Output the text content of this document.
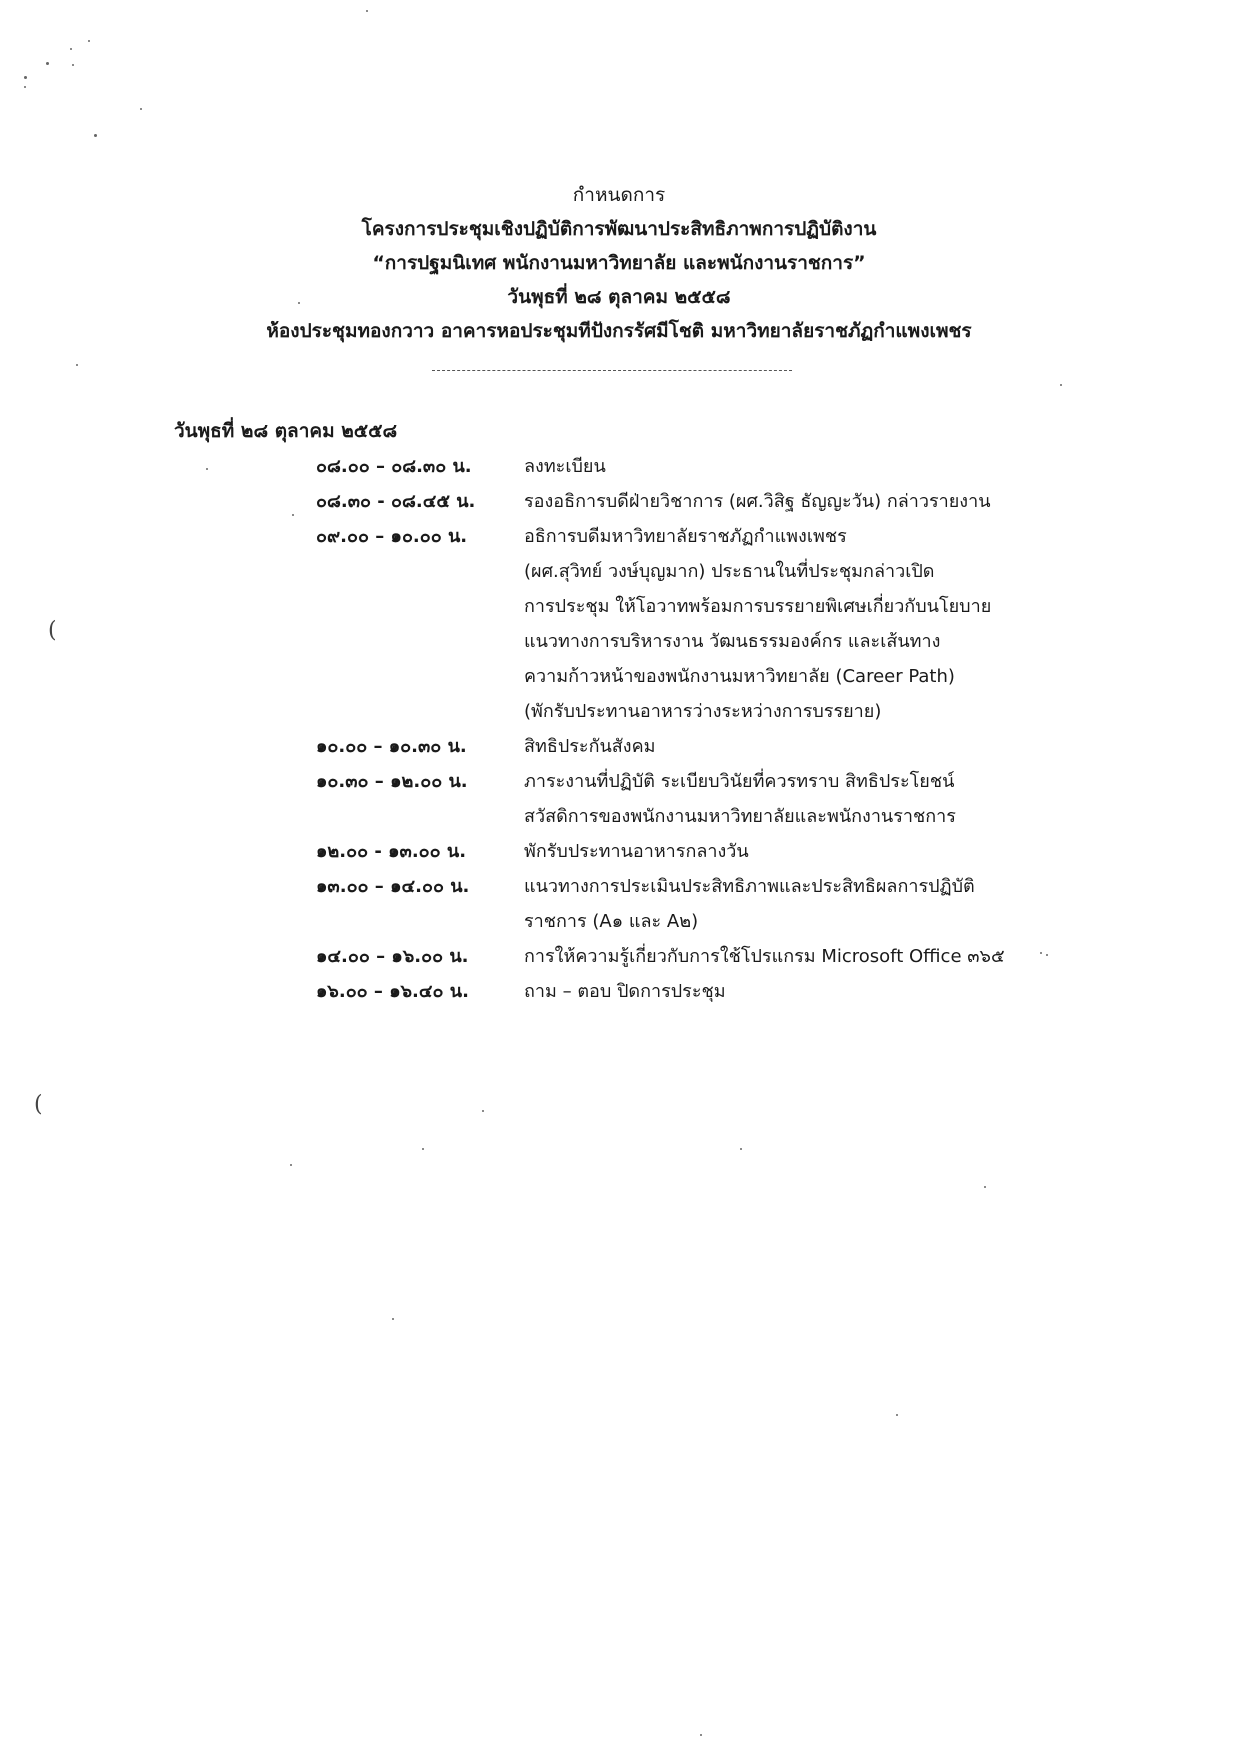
กำหนดการ
โครงการประชุมเชิงปฏิบัติการพัฒนาประสิทธิภาพการปฏิบัติงาน
“การปฐมนิเทศ พนักงานมหาวิทยาลัย และพนักงานราชการ”
วันพุธที่ ๒๘ ตุลาคม ๒๕๕๘
ห้องประชุมทองกวาว อาคารหอประชุมทีปังกรรัศมีโชติ มหาวิทยาลัยราชภัฏกำแพงเพชร
วันพุธที่ ๒๘ ตุลาคม ๒๕๕๘
๐๘.๐๐ – ๐๘.๓๐ น.	ลงทะเบียน
๐๘.๓๐ - ๐๘.๔๕ น.	รองอธิการบดีฝ่ายวิชาการ (ผศ.วิสิฐ ธัญญะวัน) กล่าวรายงาน
๐๙.๐๐ – ๑๐.๐๐ น.	อธิการบดีมหาวิทยาลัยราชภัฏกำแพงเพชร
(ผศ.สุวิทย์ วงษ์บุญมาก) ประธานในที่ประชุมกล่าวเปิด
การประชุม ให้โอวาทพร้อมการบรรยายพิเศษเกี่ยวกับนโยบาย
แนวทางการบริหารงาน วัฒนธรรมองค์กร และเส้นทาง
ความก้าวหน้าของพนักงานมหาวิทยาลัย (Career Path)
(พักรับประทานอาหารว่างระหว่างการบรรยาย)
๑๐.๐๐ – ๑๐.๓๐ น.	สิทธิประกันสังคม
๑๐.๓๐ – ๑๒.๐๐ น.	ภาระงานที่ปฏิบัติ ระเบียบวินัยที่ควรทราบ สิทธิประโยชน์
สวัสดิการของพนักงานมหาวิทยาลัยและพนักงานราชการ
๑๒.๐๐ - ๑๓.๐๐ น.	พักรับประทานอาหารกลางวัน
๑๓.๐๐ – ๑๔.๐๐ น.	แนวทางการประเมินประสิทธิภาพและประสิทธิผลการปฏิบัติ
ราชการ (A๑ และ A๒)
๑๔.๐๐ – ๑๖.๐๐ น.	การให้ความรู้เกี่ยวกับการใช้โปรแกรม Microsoft Office ๓๖๕
๑๖.๐๐ – ๑๖.๔๐ น.	ถาม – ตอบ ปิดการประชุม
(
(
